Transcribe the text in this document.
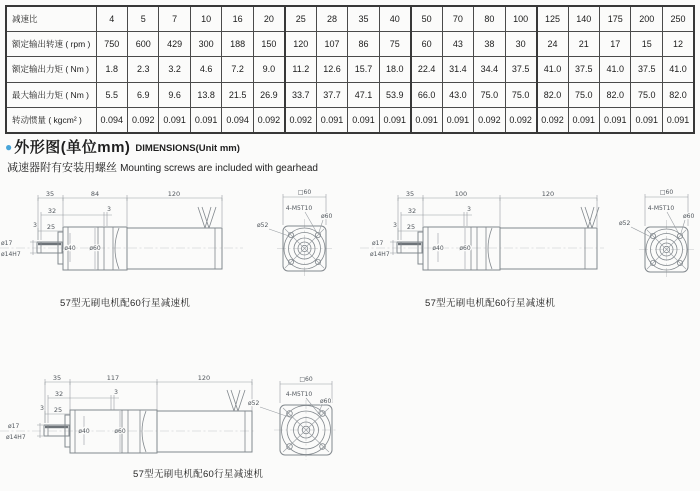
减速比	4	5	7	10	16	20	25	28	35	40	50	70	80	100	125	140	175	200	250
额定输出转速 ( rpm )	750	600	429	300	188	150	120	107	86	75	60	43	38	30	24	21	17	15	12
额定输出力矩 ( Nm )	1.8	2.3	3.2	4.6	7.2	9.0	11.2	12.6	15.7	18.0	22.4	31.4	34.4	37.5	41.0	37.5	41.0	37.5	41.0
最大输出力矩 ( Nm )	5.5	6.9	9.6	13.8	21.5	26.9	33.7	37.7	47.1	53.9	66.0	43.0	75.0	75.0	82.0	75.0	82.0	75.0	82.0
转动惯量 ( kgcm² )	0.094	0.092	0.091	0.091	0.094	0.092	0.092	0.091	0.091	0.091	0.091	0.091	0.092	0.092	0.092	0.091	0.091	0.091	0.091
● 外形图(单位mm) DIMENSIONS(Unit mm)
减速器附有安装用螺丝 Mounting screws are included with gearhead
35	84	120
32	3
25
3
ø40 ø60
ø17
ø14H7
□60
4-M5T10
ø60
ø52
57型无刷电机配60行星减速机
35	100	120
32	3
25
3
ø40	ø60
ø17
ø14H7
□60
4-M5T10
ø60
ø52
57型无刷电机配60行星减速机
35	117	120
32	3
25
3
ø40	ø60
ø17
ø14H7
□60
4-M5T10
ø60
ø52
57型无刷电机配60行星减速机
